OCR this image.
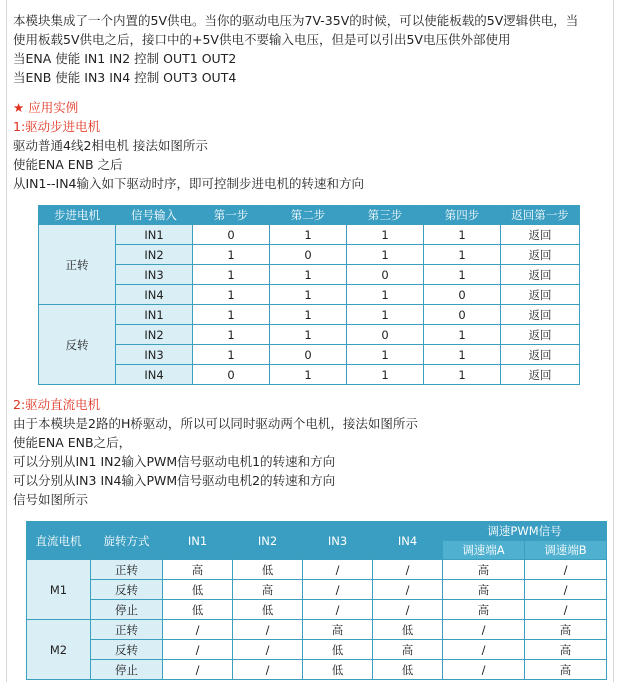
本模块集成了一个内置的5V供电。当你的驱动电压为7V-35V的时候，可以使能板载的5V逻辑供电，当
使用板载5V供电之后，接口中的+5V供电不要输入电压，但是可以引出5V电压供外部使用
当ENA 使能 IN1 IN2 控制 OUT1 OUT2
当ENB 使能 IN3 IN4 控制 OUT3 OUT4
★ 应用实例
1:驱动步进电机
驱动普通4线2相电机 接法如图所示
使能ENA ENB 之后
从IN1--IN4输入如下驱动时序，即可控制步进电机的转速和方向
步进电机	信号输入	第一步	第二步	第三步	第四步	返回第一步
正转	IN1	0	1	1	1	返回
	IN2	1	0	1	1	返回
	IN3	1	1	0	1	返回
	IN4	1	1	1	0	返回
反转	IN1	1	1	1	0	返回
	IN2	1	1	0	1	返回
	IN3	1	0	1	1	返回
	IN4	0	1	1	1	返回
2:驱动直流电机
由于本模块是2路的H桥驱动，所以可以同时驱动两个电机，接法如图所示
使能ENA ENB之后，
可以分别从IN1 IN2输入PWM信号驱动电机1的转速和方向
可以分别从IN3 IN4输入PWM信号驱动电机2的转速和方向
信号如图所示
直流电机	旋转方式	IN1	IN2	IN3	IN4	调速PWM信号	
						调速端A	调速端B
M1	正转	高	低	/	/	高	/
	反转	低	高	/	/	高	/
	停止	低	低	/	/	高	/
M2	正转	/	/	高	低	/	高
	反转	/	/	低	高	/	高
	停止	/	/	低	低	/	高
